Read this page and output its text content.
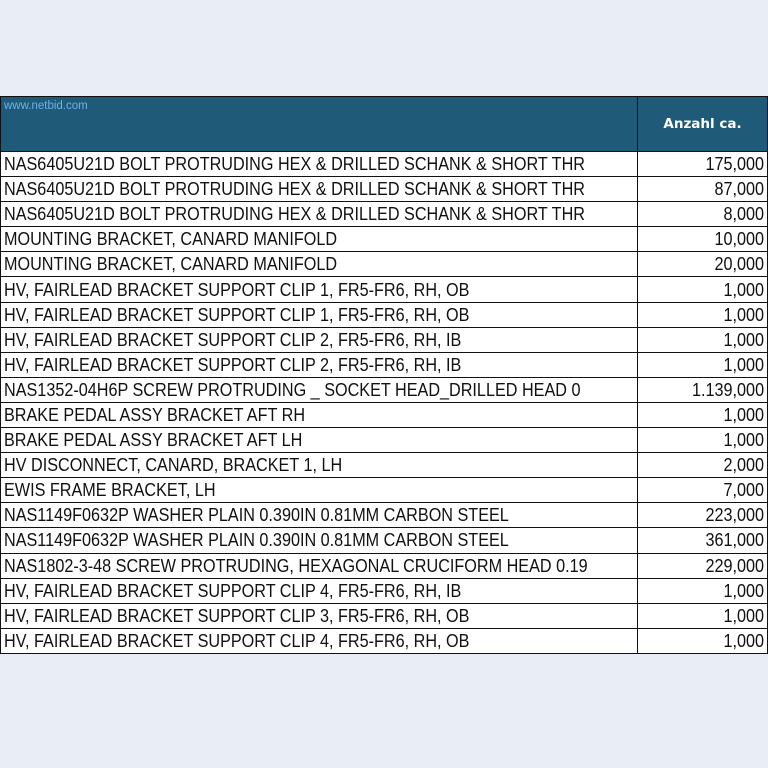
www.netbid.com	Anzahl ca.
NAS6405U21D BOLT PROTRUDING HEX & DRILLED SCHANK & SHORT THR	175,000
NAS6405U21D BOLT PROTRUDING HEX & DRILLED SCHANK & SHORT THR	87,000
NAS6405U21D BOLT PROTRUDING HEX & DRILLED SCHANK & SHORT THR	8,000
MOUNTING BRACKET, CANARD MANIFOLD	10,000
MOUNTING BRACKET, CANARD MANIFOLD	20,000
HV, FAIRLEAD BRACKET SUPPORT CLIP 1, FR5-FR6, RH, OB	1,000
HV, FAIRLEAD BRACKET SUPPORT CLIP 1, FR5-FR6, RH, OB	1,000
HV, FAIRLEAD BRACKET SUPPORT CLIP 2, FR5-FR6, RH, IB	1,000
HV, FAIRLEAD BRACKET SUPPORT CLIP 2, FR5-FR6, RH, IB	1,000
NAS1352-04H6P SCREW PROTRUDING _ SOCKET HEAD_DRILLED HEAD 0	1.139,000
BRAKE PEDAL ASSY BRACKET AFT RH	1,000
BRAKE PEDAL ASSY BRACKET AFT LH	1,000
HV DISCONNECT, CANARD, BRACKET 1, LH	2,000
EWIS FRAME BRACKET, LH	7,000
NAS1149F0632P WASHER PLAIN 0.390IN 0.81MM CARBON STEEL	223,000
NAS1149F0632P WASHER PLAIN 0.390IN 0.81MM CARBON STEEL	361,000
NAS1802-3-48 SCREW PROTRUDING, HEXAGONAL CRUCIFORM HEAD 0.19	229,000
HV, FAIRLEAD BRACKET SUPPORT CLIP 4, FR5-FR6, RH, IB	1,000
HV, FAIRLEAD BRACKET SUPPORT CLIP 3, FR5-FR6, RH, OB	1,000
HV, FAIRLEAD BRACKET SUPPORT CLIP 4, FR5-FR6, RH, OB	1,000
